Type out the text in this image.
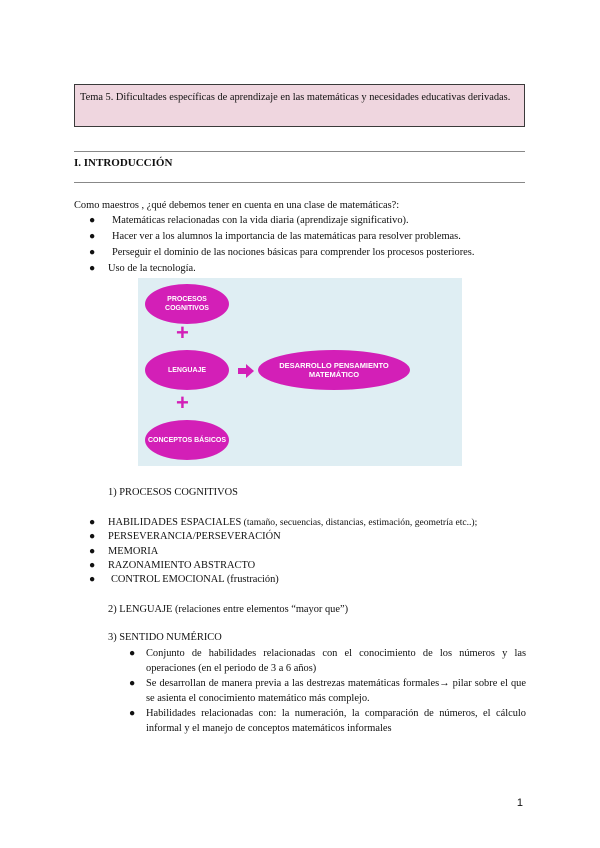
Tema 5. Dificultades específicas de aprendizaje en las matemáticas y necesidades educativas derivadas.
I. INTRODUCCIÓN
Como maestros , ¿qué debemos tener en cuenta en una clase de matemáticas?:
● Matemáticas relacionadas con la vida diaria (aprendizaje significativo).
● Hacer ver a los alumnos la importancia de las matemáticas para resolver problemas.
● Perseguir el dominio de las nociones básicas para comprender los procesos posteriores.
● Uso de la tecnología.
PROCESOS COGNITIVOS
+
LENGUAJE
+
CONCEPTOS BÁSICOS
DESARROLLO PENSAMIENTO MATEMÁTICO
1) PROCESOS COGNITIVOS
● HABILIDADES ESPACIALES (tamaño, secuencias, distancias, estimación, geometría etc..);
● PERSEVERANCIA/PERSEVERACIÓN
● MEMORIA
● RAZONAMIENTO ABSTRACTO
● CONTROL EMOCIONAL (frustración)
2) LENGUAJE (relaciones entre elementos “mayor que”)
3) SENTIDO NUMÉRICO
● Conjunto de habilidades relacionadas con el conocimiento de los números y las operaciones (en el periodo de 3 a 6 años)
● Se desarrollan de manera previa a las destrezas matemáticas formales→ pilar sobre el que se asienta el conocimiento matemático más complejo.
● Habilidades relacionadas con: la numeración, la comparación de números, el cálculo informal y el manejo de conceptos matemáticos informales
1
